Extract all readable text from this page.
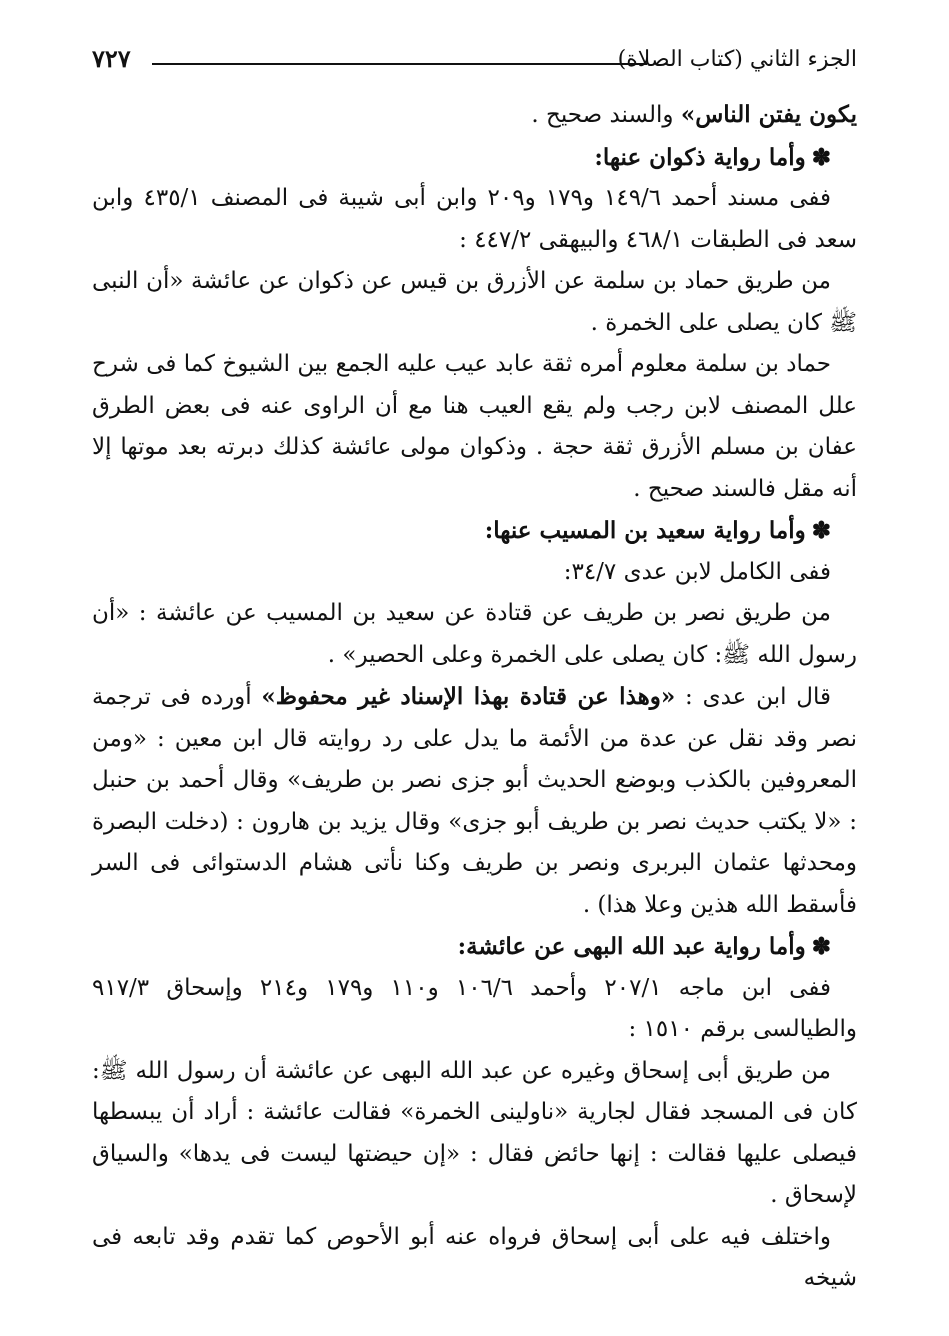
الجزء الثاني (كتاب الصلاة)
٧٢٧

يكون يفتن الناس» والسند صحيح .

✽وأما رواية ذكوان عنها:

ففى مسند أحمد ١٤٩/٦ و١٧٩ و٢٠٩ وابن أبى شيبة فى المصنف ٤٣٥/١ وابن سعد فى الطبقات ٤٦٨/١ والبيهقى ٤٤٧/٢ :

من طريق حماد بن سلمة عن الأزرق بن قيس عن ذكوان عن عائشة «أن النبى ﷺ كان يصلى على الخمرة .

حماد بن سلمة معلوم أمره ثقة عابد عيب عليه الجمع بين الشيوخ كما فى شرح علل المصنف لابن رجب ولم يقع العيب هنا مع أن الراوى عنه فى بعض الطرق عفان بن مسلم الأزرق ثقة حجة . وذكوان مولى عائشة كذلك دبرته بعد موتها إلا أنه مقل فالسند صحيح .

✽وأما رواية سعيد بن المسيب عنها:

ففى الكامل لابن عدى ٣٤/٧:

من طريق نصر بن طريف عن قتادة عن سعيد بن المسيب عن عائشة : «أن رسول الله ﷺ: كان يصلى على الخمرة وعلى الحصير» .

قال ابن عدى : «وهذا عن قتادة بهذا الإسناد غير محفوظ» أورده فى ترجمة نصر وقد نقل عن عدة من الأئمة ما يدل على رد روايته قال ابن معين : «ومن المعروفين بالكذب وبوضع الحديث أبو جزى نصر بن طريف» وقال أحمد بن حنبل : «لا يكتب حديث نصر بن طريف أبو جزى» وقال يزيد بن هارون : (دخلت البصرة ومحدثها عثمان البربرى ونصر بن طريف وكنا نأتى هشام الدستوائى فى السر فأسقط الله هذين وعلا هذا) .

✽وأما رواية عبد الله البهى عن عائشة:

ففى ابن ماجه ٢٠٧/١ وأحمد ١٠٦/٦ و١١٠ و١٧٩ و٢١٤ وإسحاق ٩١٧/٣ والطيالسى برقم ١٥١٠ :

من طريق أبى إسحاق وغيره عن عبد الله البهى عن عائشة أن رسول الله ﷺ: كان فى المسجد فقال لجارية «ناولينى الخمرة» فقالت عائشة : أراد أن يبسطها فيصلى عليها فقالت : إنها حائض فقال : «إن حيضتها ليست فى يدها» والسياق لإسحاق .

واختلف فيه على أبى إسحاق فرواه عنه أبو الأحوص كما تقدم وقد تابعه فى شيخه
